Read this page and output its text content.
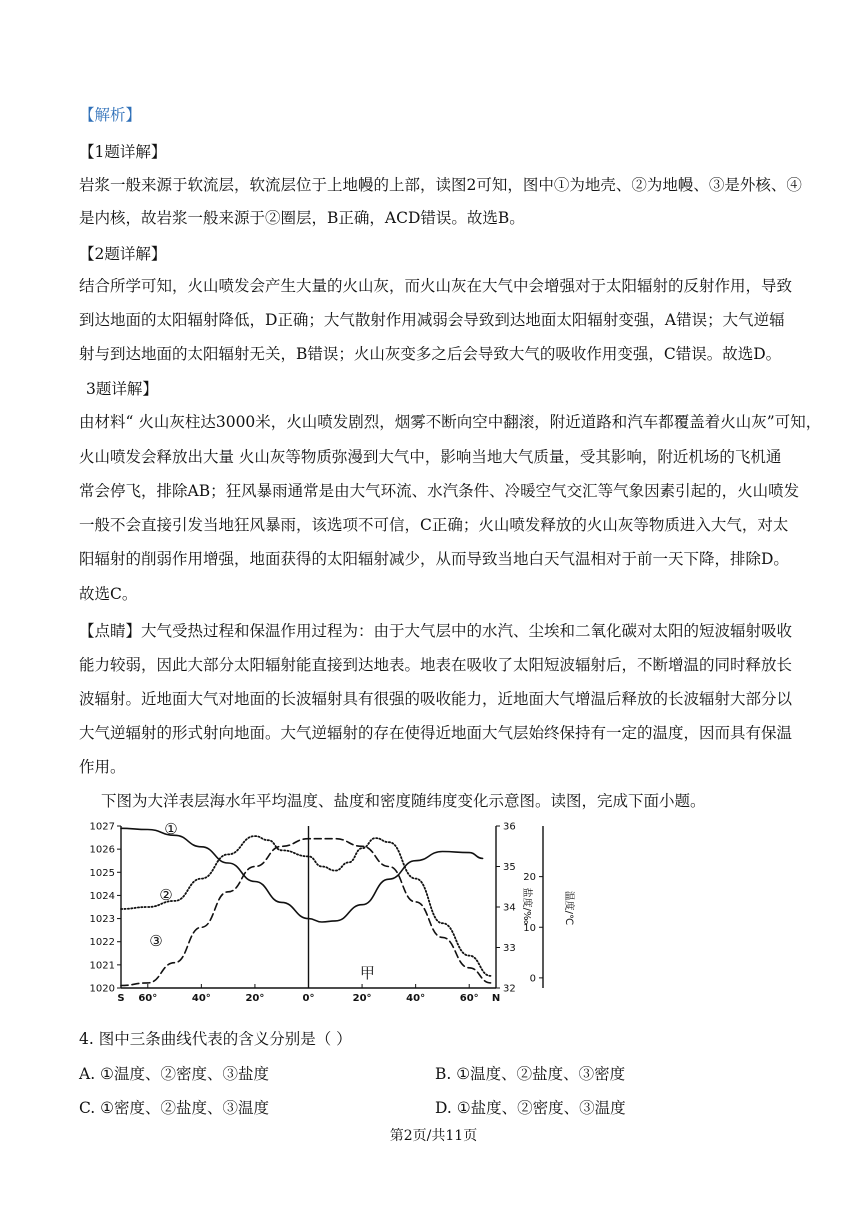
【解析】
【1题详解】
岩浆一般来源于软流层，软流层位于上地幔的上部，读图2可知，图中①为地壳、②为地幔、③是外核、④
是内核，故岩浆一般来源于②圈层，B正确，ACD错误。故选B。
【2题详解】
结合所学可知，火山喷发会产生大量的火山灰，而火山灰在大气中会增强对于太阳辐射的反射作用，导致
到达地面的太阳辐射降低，D正确；大气散射作用减弱会导致到达地面太阳辐射变强，A错误；大气逆辐
射与到达地面的太阳辐射无关，B错误；火山灰变多之后会导致大气的吸收作用变强，C错误。故选D。
3题详解】
由材料“ 火山灰柱达3000米，火山喷发剧烈，烟雾不断向空中翻滚，附近道路和汽车都覆盖着火山灰”可知，
火山喷发会释放出大量 火山灰等物质弥漫到大气中，影响当地大气质量，受其影响，附近机场的飞机通
常会停飞，排除AB；狂风暴雨通常是由大气环流、水汽条件、冷暖空气交汇等气象因素引起的，火山喷发
一般不会直接引发当地狂风暴雨，该选项不可信，C正确；火山喷发释放的火山灰等物质进入大气，对太
阳辐射的削弱作用增强，地面获得的太阳辐射减少，从而导致当地白天气温相对于前一天下降，排除D。
故选C。
【点睛】大气受热过程和保温作用过程为：由于大气层中的水汽、尘埃和二氧化碳对太阳的短波辐射吸收
能力较弱，因此大部分太阳辐射能直接到达地表。地表在吸收了太阳短波辐射后，不断增温的同时释放长
波辐射。近地面大气对地面的长波辐射具有很强的吸收能力，近地面大气增温后释放的长波辐射大部分以
大气逆辐射的形式射向地面。大气逆辐射的存在使得近地面大气层始终保持有一定的温度，因而具有保温
作用。
下图为大洋表层海水年平均温度、盐度和密度随纬度变化示意图。读图，完成下面小题。
1020
1021
1022
1023
1024
1025
1026
1027
32
33
34
35
36
盐度/‰
0
10
20
温度/℃
S 60°	40°	20°	0°	20°	40°	60° N
①
②
③
甲
4. 图中三条曲线代表的含义分别是（ ）
A. ①温度、②密度、③盐度	B. ①温度、②盐度、③密度
C. ①密度、②盐度、③温度	D. ①盐度、②密度、③温度
第2页/共11页
